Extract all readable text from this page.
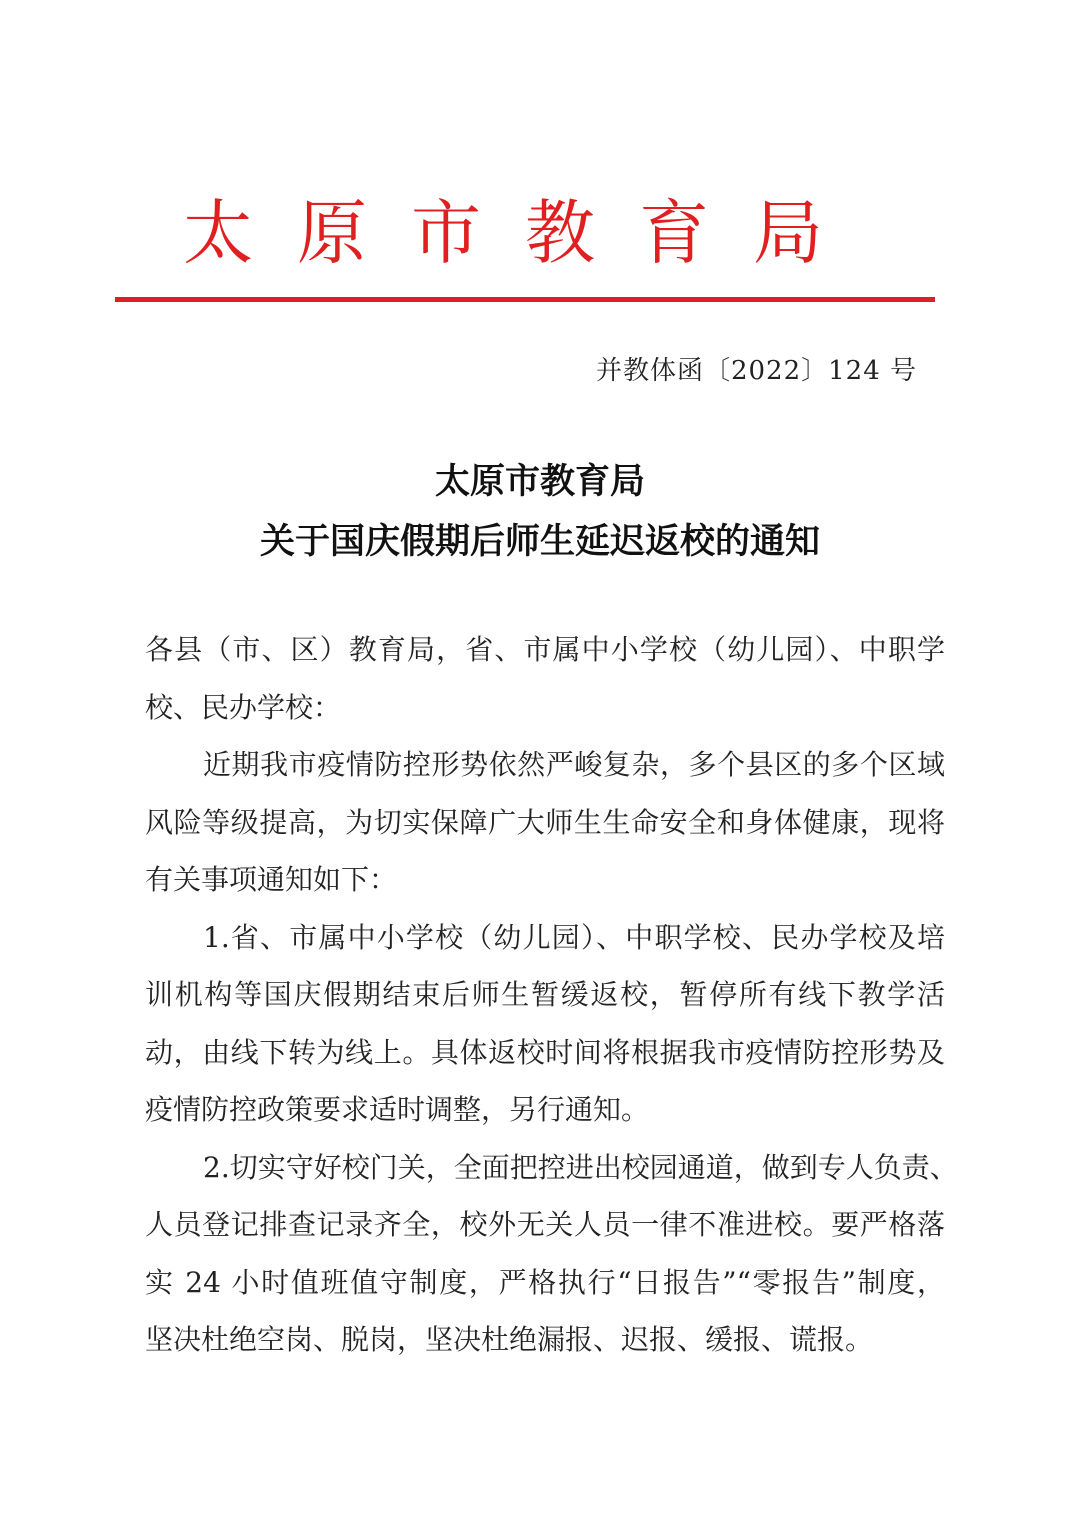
太原市教育局
并教体函〔2022〕124 号
太原市教育局
关于国庆假期后师生延迟返校的通知
各县（市、区）教育局，省、市属中小学校（幼儿园）、中职学
校、民办学校：
近期我市疫情防控形势依然严峻复杂，多个县区的多个区域
风险等级提高，为切实保障广大师生生命安全和身体健康，现将
有关事项通知如下：
1.省、市属中小学校（幼儿园）、中职学校、民办学校及培
训机构等国庆假期结束后师生暂缓返校，暂停所有线下教学活
动，由线下转为线上。具体返校时间将根据我市疫情防控形势及
疫情防控政策要求适时调整，另行通知。
2.切实守好校门关，全面把控进出校园通道，做到专人负责、
人员登记排查记录齐全，校外无关人员一律不准进校。要严格落
实 24 小时值班值守制度，严格执行“日报告”“零报告”制度，
坚决杜绝空岗、脱岗，坚决杜绝漏报、迟报、缓报、谎报。
